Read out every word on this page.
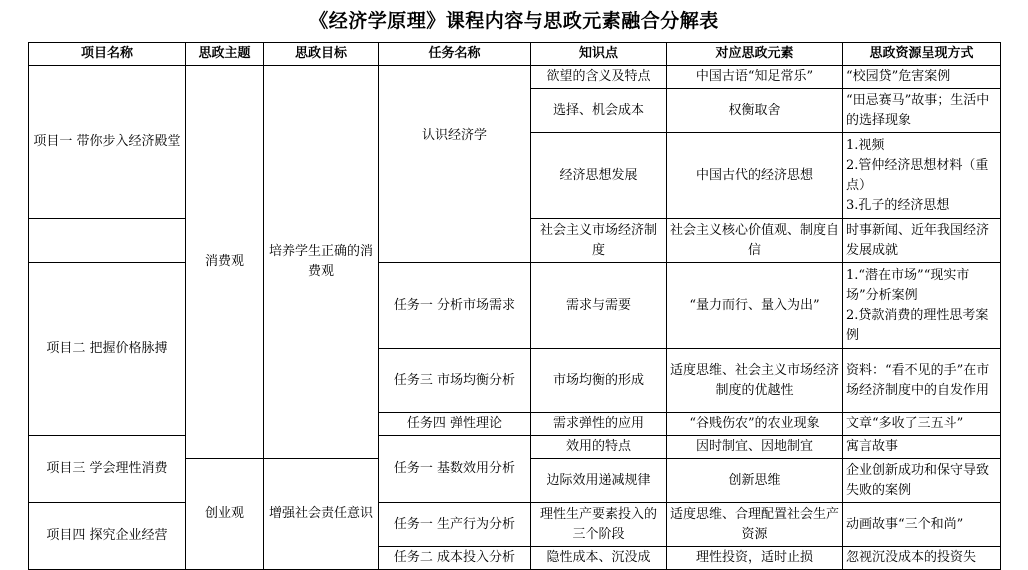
《经济学原理》课程内容与思政元素融合分解表
项目名称	思政主题	思政目标	任务名称	知识点	对应思政元素	思政资源呈现方式
项目一 带你步入经济殿堂	消费观	培养学生正确的消费观	认识经济学	欲望的含义及特点	中国古语“知足常乐”	“校园贷”危害案例

				选择、机会成本	权衡取舍	“田忌赛马”故事；生活中的选择现象

				经济思想发展	中国古代的经济思想	1.视频
2.管仲经济思想材料（重点）
3.孔子的经济思想

				社会主义市场经济制度	社会主义核心价值观、制度自信	时事新闻、近年我国经济发展成就

项目二 把握价格脉搏			任务一 分析市场需求	需求与需要	“量力而行、量入为出”	1.“潜在市场”“现实市场”分析案例
2.贷款消费的理性思考案例

			任务三 市场均衡分析	市场均衡的形成	适度思维、社会主义市场经济制度的优越性	资料：“看不见的手”在市场经济制度中的自发作用

			任务四 弹性理论	需求弹性的应用	“谷贱伤农”的农业现象	文章“多收了三五斗”

项目三 学会理性消费			任务一 基数效用分析	效用的特点	因时制宜、因地制宜	寓言故事

	创业观	增强社会责任意识		边际效用递减规律	创新思维	企业创新成功和保守导致失败的案例

项目四 探究企业经营			任务一 生产行为分析	理性生产要素投入的三个阶段	适度思维、合理配置社会生产资源	动画故事“三个和尚”

			任务二 成本投入分析	隐性成本、沉没成	理性投资，适时止损	忽视沉没成本的投资失
